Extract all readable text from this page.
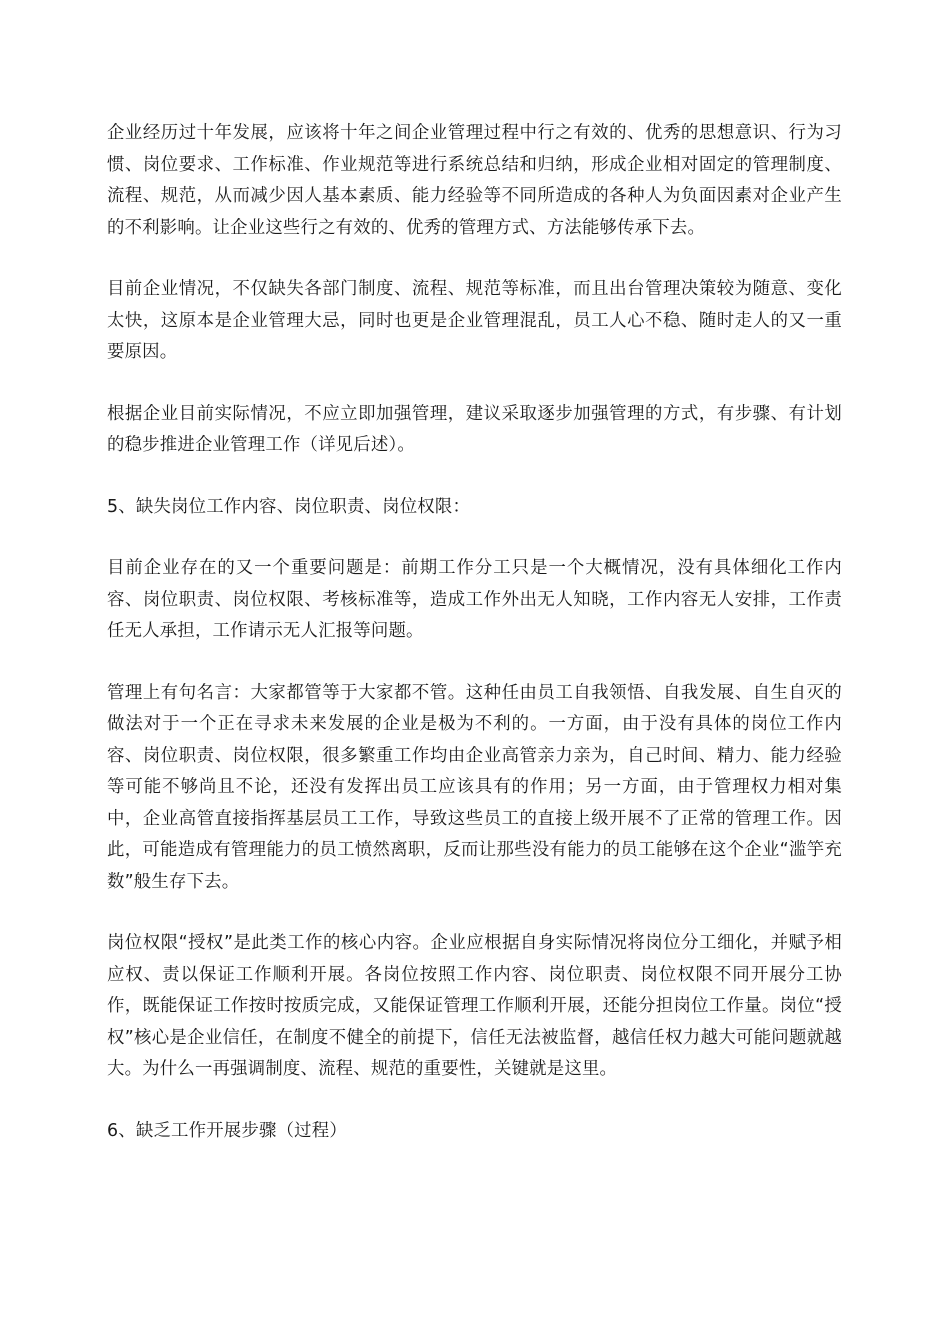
企业经历过十年发展，应该将十年之间企业管理过程中行之有效的、优秀的思想意识、行为习惯、岗位要求、工作标准、作业规范等进行系统总结和归纳，形成企业相对固定的管理制度、流程、规范，从而减少因人基本素质、能力经验等不同所造成的各种人为负面因素对企业产生的不利影响。让企业这些行之有效的、优秀的管理方式、方法能够传承下去。

目前企业情况，不仅缺失各部门制度、流程、规范等标准，而且出台管理决策较为随意、变化太快，这原本是企业管理大忌，同时也更是企业管理混乱，员工人心不稳、随时走人的又一重要原因。

根据企业目前实际情况，不应立即加强管理，建议采取逐步加强管理的方式，有步骤、有计划的稳步推进企业管理工作（详见后述）。

5、缺失岗位工作内容、岗位职责、岗位权限：

目前企业存在的又一个重要问题是：前期工作分工只是一个大概情况，没有具体细化工作内容、岗位职责、岗位权限、考核标准等，造成工作外出无人知晓，工作内容无人安排，工作责任无人承担，工作请示无人汇报等问题。

管理上有句名言：大家都管等于大家都不管。这种任由员工自我领悟、自我发展、自生自灭的做法对于一个正在寻求未来发展的企业是极为不利的。一方面，由于没有具体的岗位工作内容、岗位职责、岗位权限，很多繁重工作均由企业高管亲力亲为，自己时间、精力、能力经验等可能不够尚且不论，还没有发挥出员工应该具有的作用；另一方面，由于管理权力相对集中，企业高管直接指挥基层员工工作，导致这些员工的直接上级开展不了正常的管理工作。因此，可能造成有管理能力的员工愤然离职，反而让那些没有能力的员工能够在这个企业“滥竽充数”般生存下去。

岗位权限“授权”是此类工作的核心内容。企业应根据自身实际情况将岗位分工细化，并赋予相应权、责以保证工作顺利开展。各岗位按照工作内容、岗位职责、岗位权限不同开展分工协作，既能保证工作按时按质完成，又能保证管理工作顺利开展，还能分担岗位工作量。岗位“授权”核心是企业信任，在制度不健全的前提下，信任无法被监督，越信任权力越大可能问题就越大。为什么一再强调制度、流程、规范的重要性，关键就是这里。

6、缺乏工作开展步骤（过程）
